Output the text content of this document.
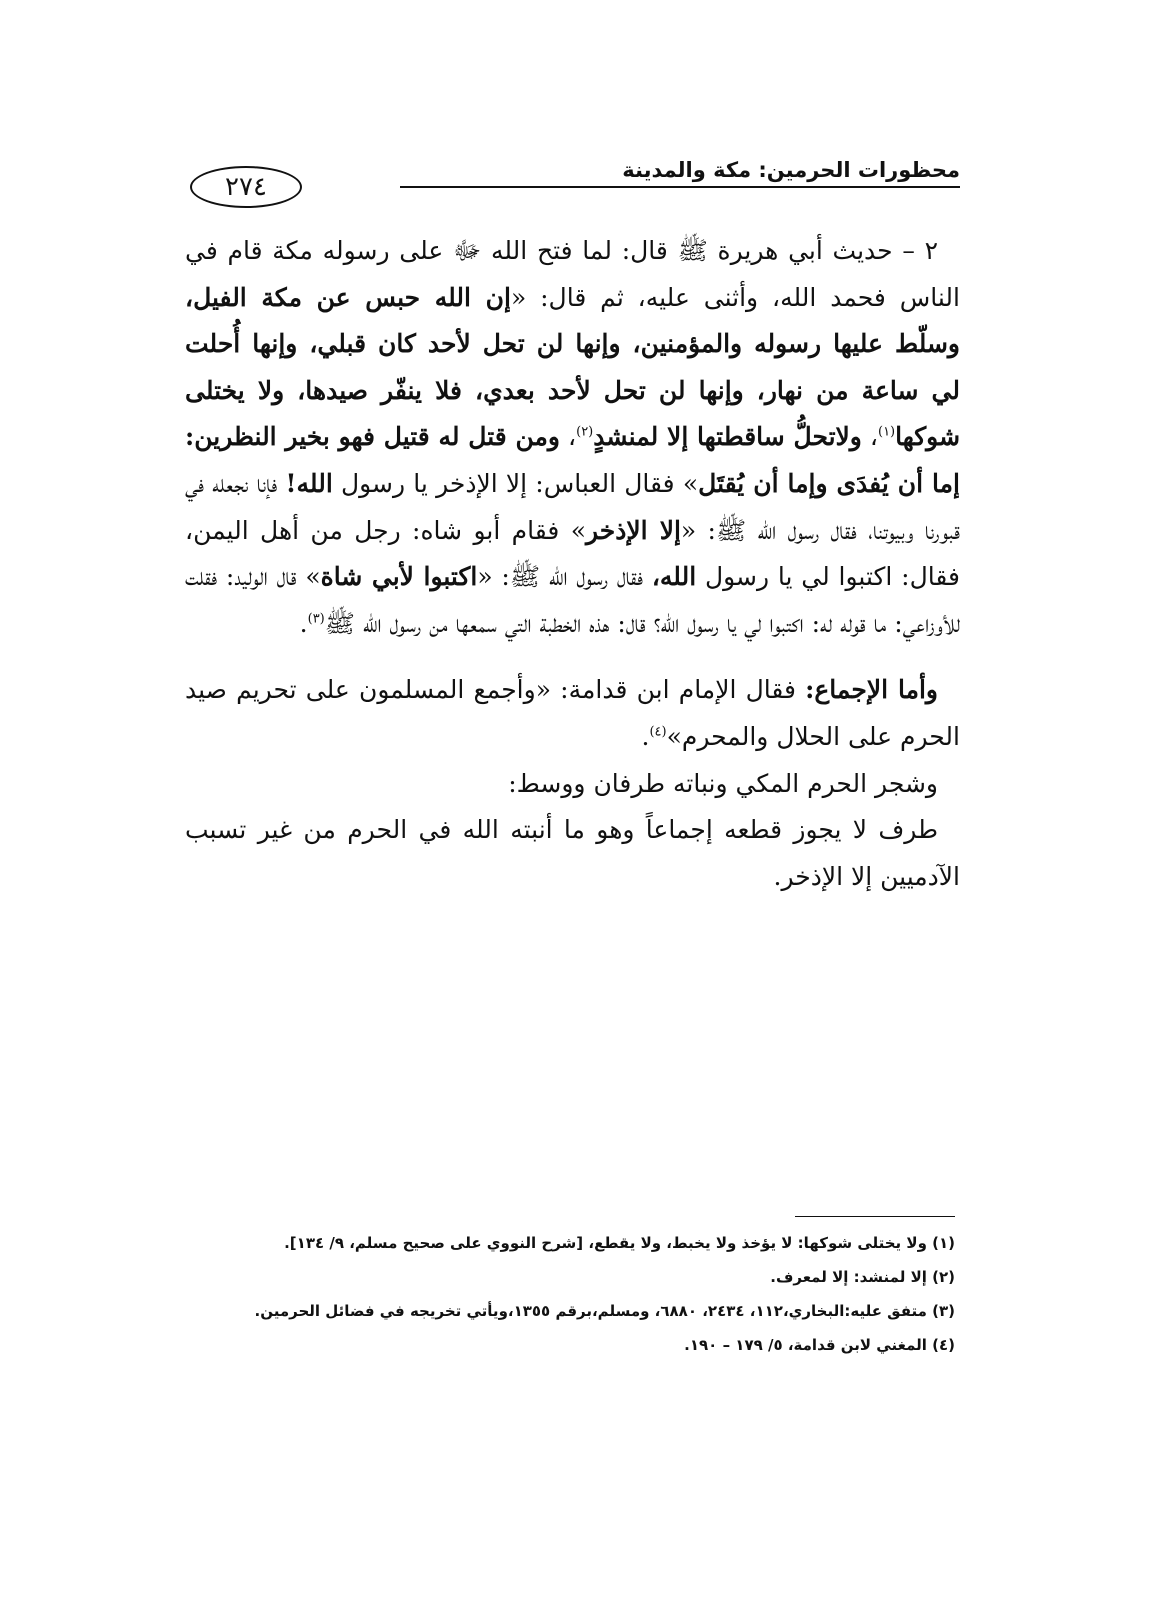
محظورات الحرمين: مكة والمدينة
٢٧٤

٢ – حديث أبي هريرة ﷺ قال: لما فتح الله ﷻ على رسوله مكة قام في الناس فحمد الله، وأثنى عليه، ثم قال: «إن الله حبس عن مكة الفيل، وسلّط عليها رسوله والمؤمنين، وإنها لن تحل لأحد كان قبلي، وإنها أُحلت لي ساعة من نهار، وإنها لن تحل لأحد بعدي، فلا ينفّر صيدها، ولا يختلى شوكها$^{(١)}$، ولاتحلُّ ساقطتها إلا لمنشدٍ$^{(٢)}$، ومن قتل له قتيل فهو بخير النظرين: إما أن يُفدَى وإما أن يُقتَل» فقال العباس: إلا الإذخر يا رسول الله! فإنا نجعله في قبورنا وبيوتنا، فقال رسول الله ﷺ: «إلا الإذخر» فقام أبو شاه: رجل من أهل اليمن، فقال: اكتبوا لي يا رسول الله، فقال رسول الله ﷺ: «اكتبوا لأبي شاة» قال الوليد: فقلت للأوزاعي: ما قوله له: اكتبوا لي يا رسول الله؟ قال: هذه الخطبة التي سمعها من رسول الله ﷺ$^{(٣)}$.

وأما الإجماع: فقال الإمام ابن قدامة: «وأجمع المسلمون على تحريم صيد الحرم على الحلال والمحرم»$^{(٤)}$.

وشجر الحرم المكي ونباته طرفان ووسط:

طرف لا يجوز قطعه إجماعاً وهو ما أنبته الله في الحرم من غير تسبب الآدميين إلا الإذخر.

(١) ولا يختلى شوكها: لا يؤخذ ولا يخبط، ولا يقطع، [شرح النووي على صحيح مسلم، ٩/ ١٣٤].

(٢) إلا لمنشد: إلا لمعرف.

(٣) متفق عليه:البخاري،١١٢، ٢٤٣٤، ٦٨٨٠، ومسلم،برقم ١٣٥٥،ويأتي تخريجه في فضائل الحرمين.

(٤) المغني لابن قدامة، ٥/ ١٧٩ – ١٩٠.
